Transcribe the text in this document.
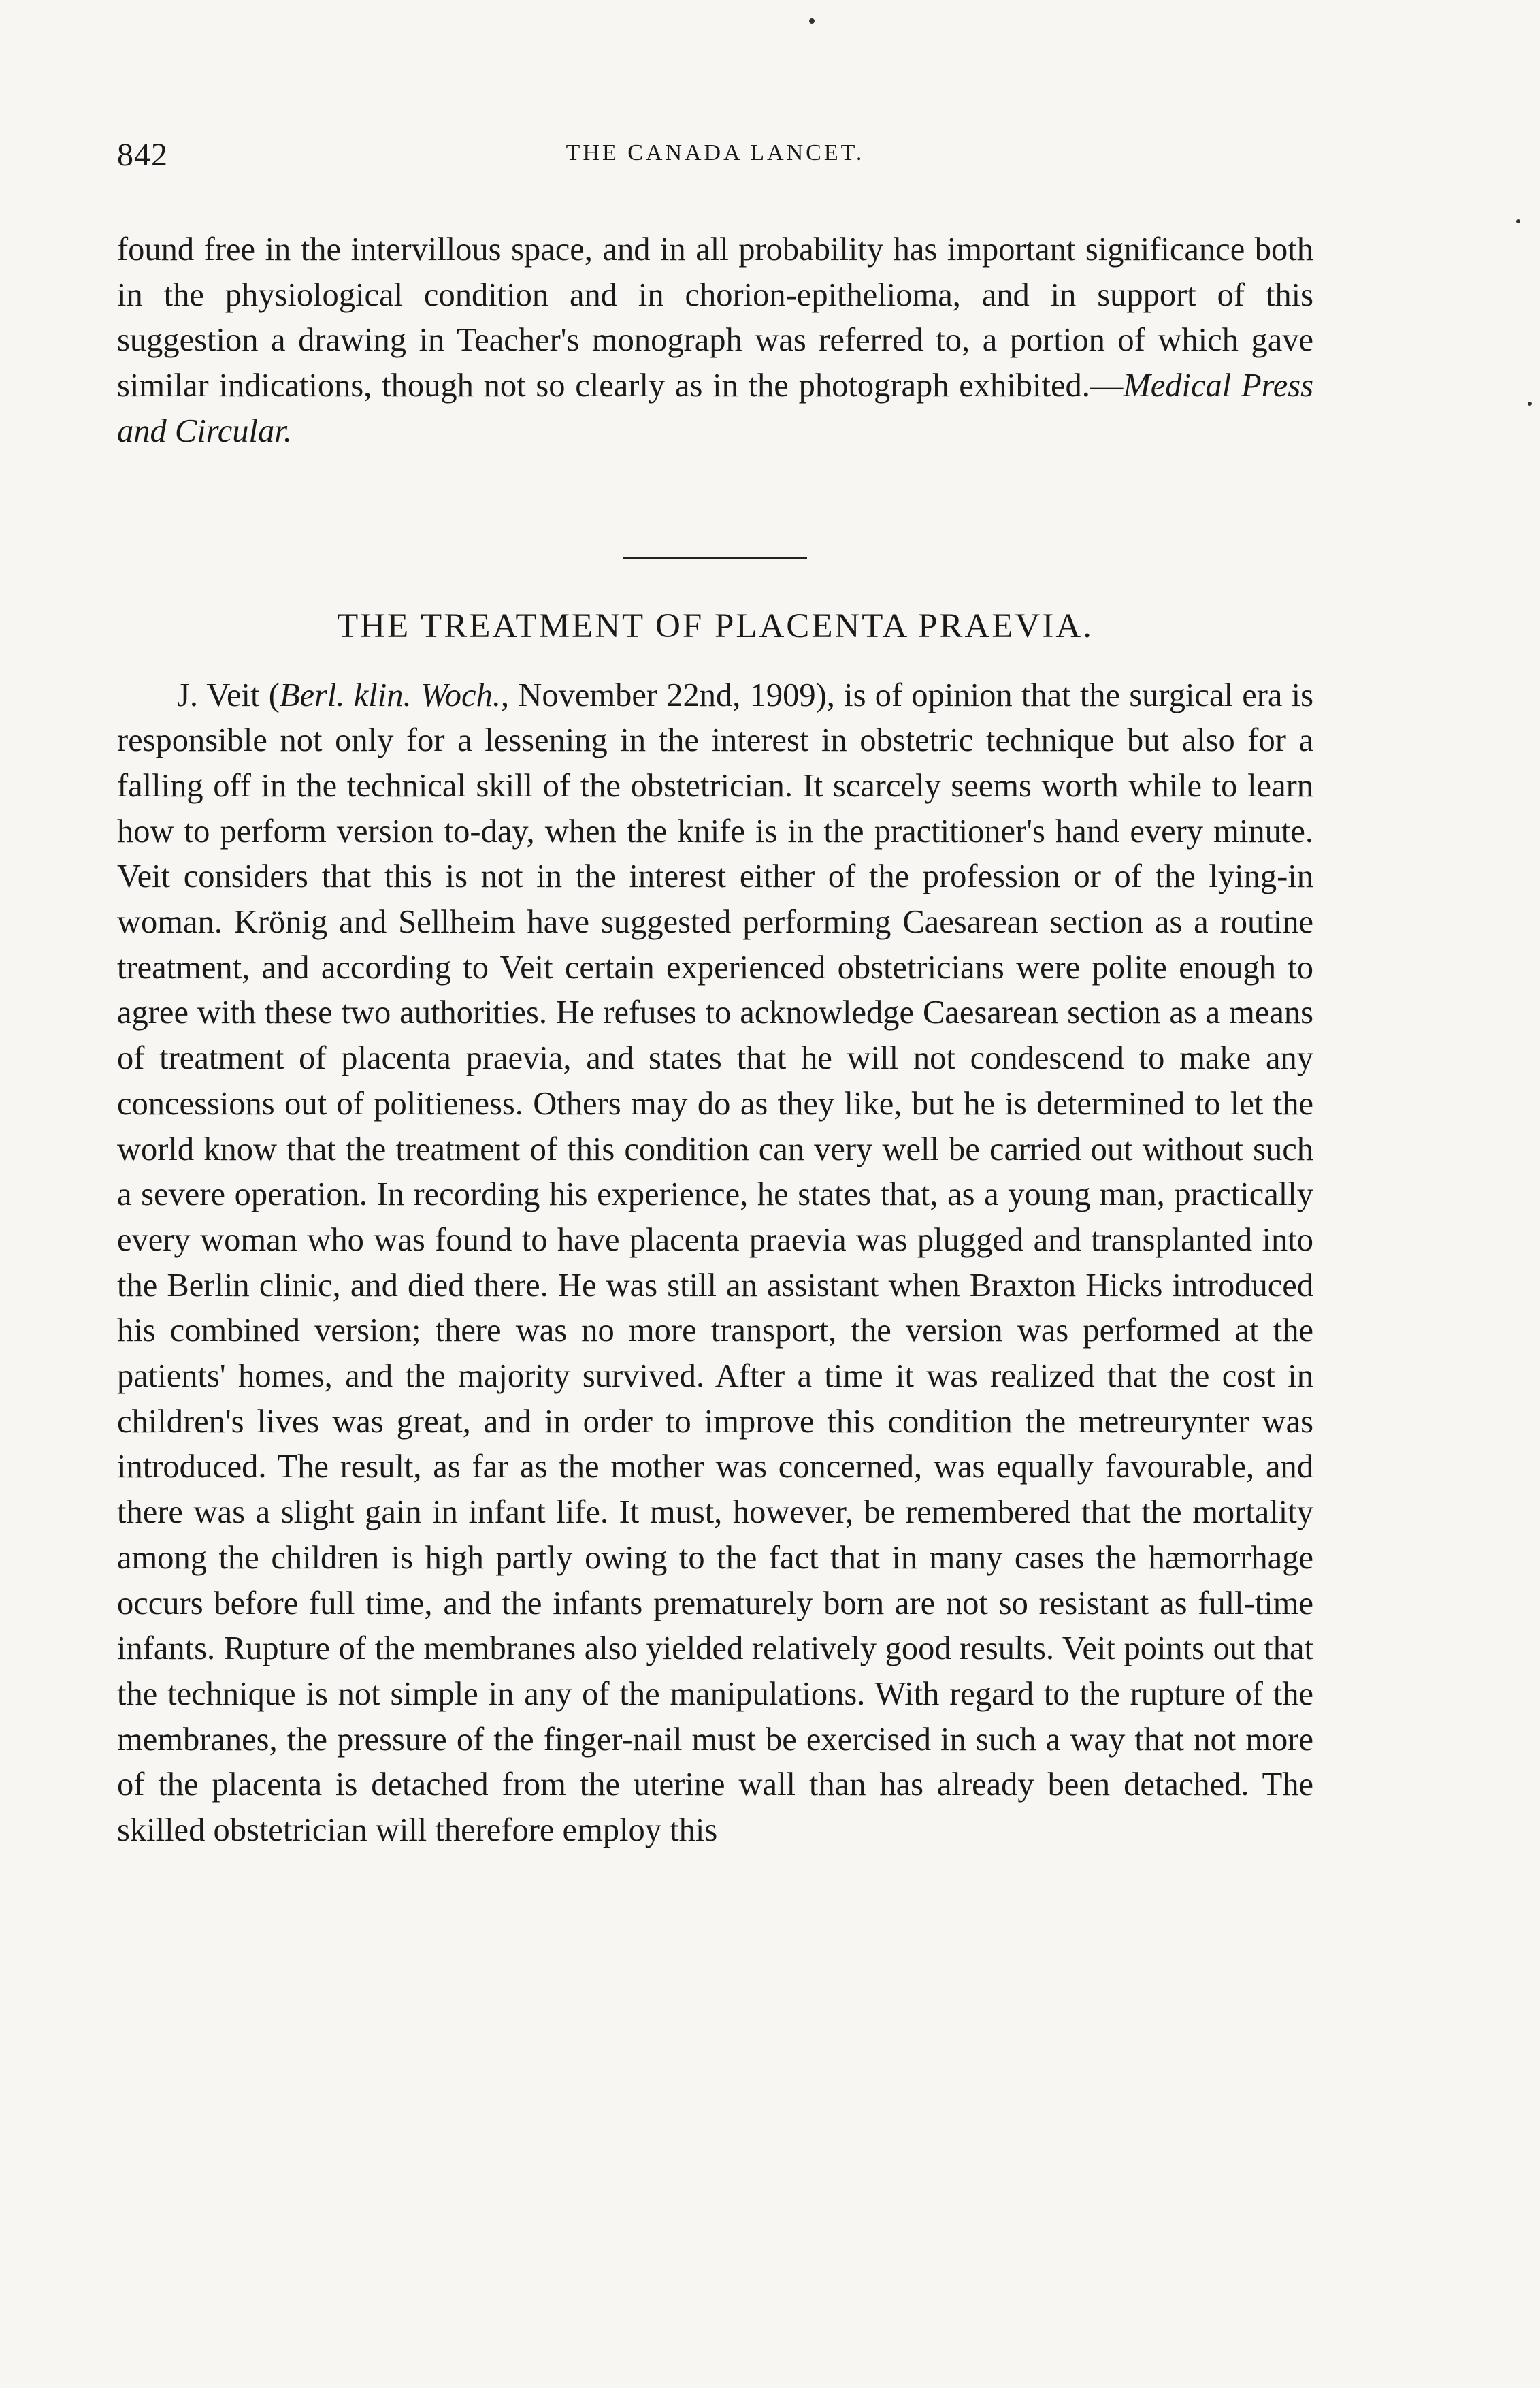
842	THE CANADA LANCET.

found free in the intervillous space, and in all probability has important significance both in the physiological condition and in chorion-epithelioma, and in support of this suggestion a drawing in Teacher's monograph was referred to, a portion of which gave similar indications, though not so clearly as in the photograph exhibited.—Medical Press and Circular.

THE TREATMENT OF PLACENTA PRAEVIA.

J. Veit (Berl. klin. Woch., November 22nd, 1909), is of opinion that the surgical era is responsible not only for a lessening in the interest in obstetric technique but also for a falling off in the technical skill of the obstetrician. It scarcely seems worth while to learn how to perform version to-day, when the knife is in the practitioner's hand every minute. Veit considers that this is not in the interest either of the profession or of the lying-in woman. Krönig and Sellheim have suggested performing Caesarean section as a routine treatment, and according to Veit certain experienced obstetricians were polite enough to agree with these two authorities. He refuses to acknowledge Caesarean section as a means of treatment of placenta praevia, and states that he will not condescend to make any concessions out of politieness. Others may do as they like, but he is determined to let the world know that the treatment of this condition can very well be carried out without such a severe operation. In recording his experience, he states that, as a young man, practically every woman who was found to have placenta praevia was plugged and transplanted into the Berlin clinic, and died there. He was still an assistant when Braxton Hicks introduced his combined version; there was no more transport, the version was performed at the patients' homes, and the majority survived. After a time it was realized that the cost in children's lives was great, and in order to improve this condition the metreurynter was introduced. The result, as far as the mother was concerned, was equally favourable, and there was a slight gain in infant life. It must, however, be remembered that the mortality among the children is high partly owing to the fact that in many cases the hæmorrhage occurs before full time, and the infants prematurely born are not so resistant as full-time infants. Rupture of the membranes also yielded relatively good results. Veit points out that the technique is not simple in any of the manipulations. With regard to the rupture of the membranes, the pressure of the finger-nail must be exercised in such a way that not more of the placenta is detached from the uterine wall than has already been detached. The skilled obstetrician will therefore employ this
